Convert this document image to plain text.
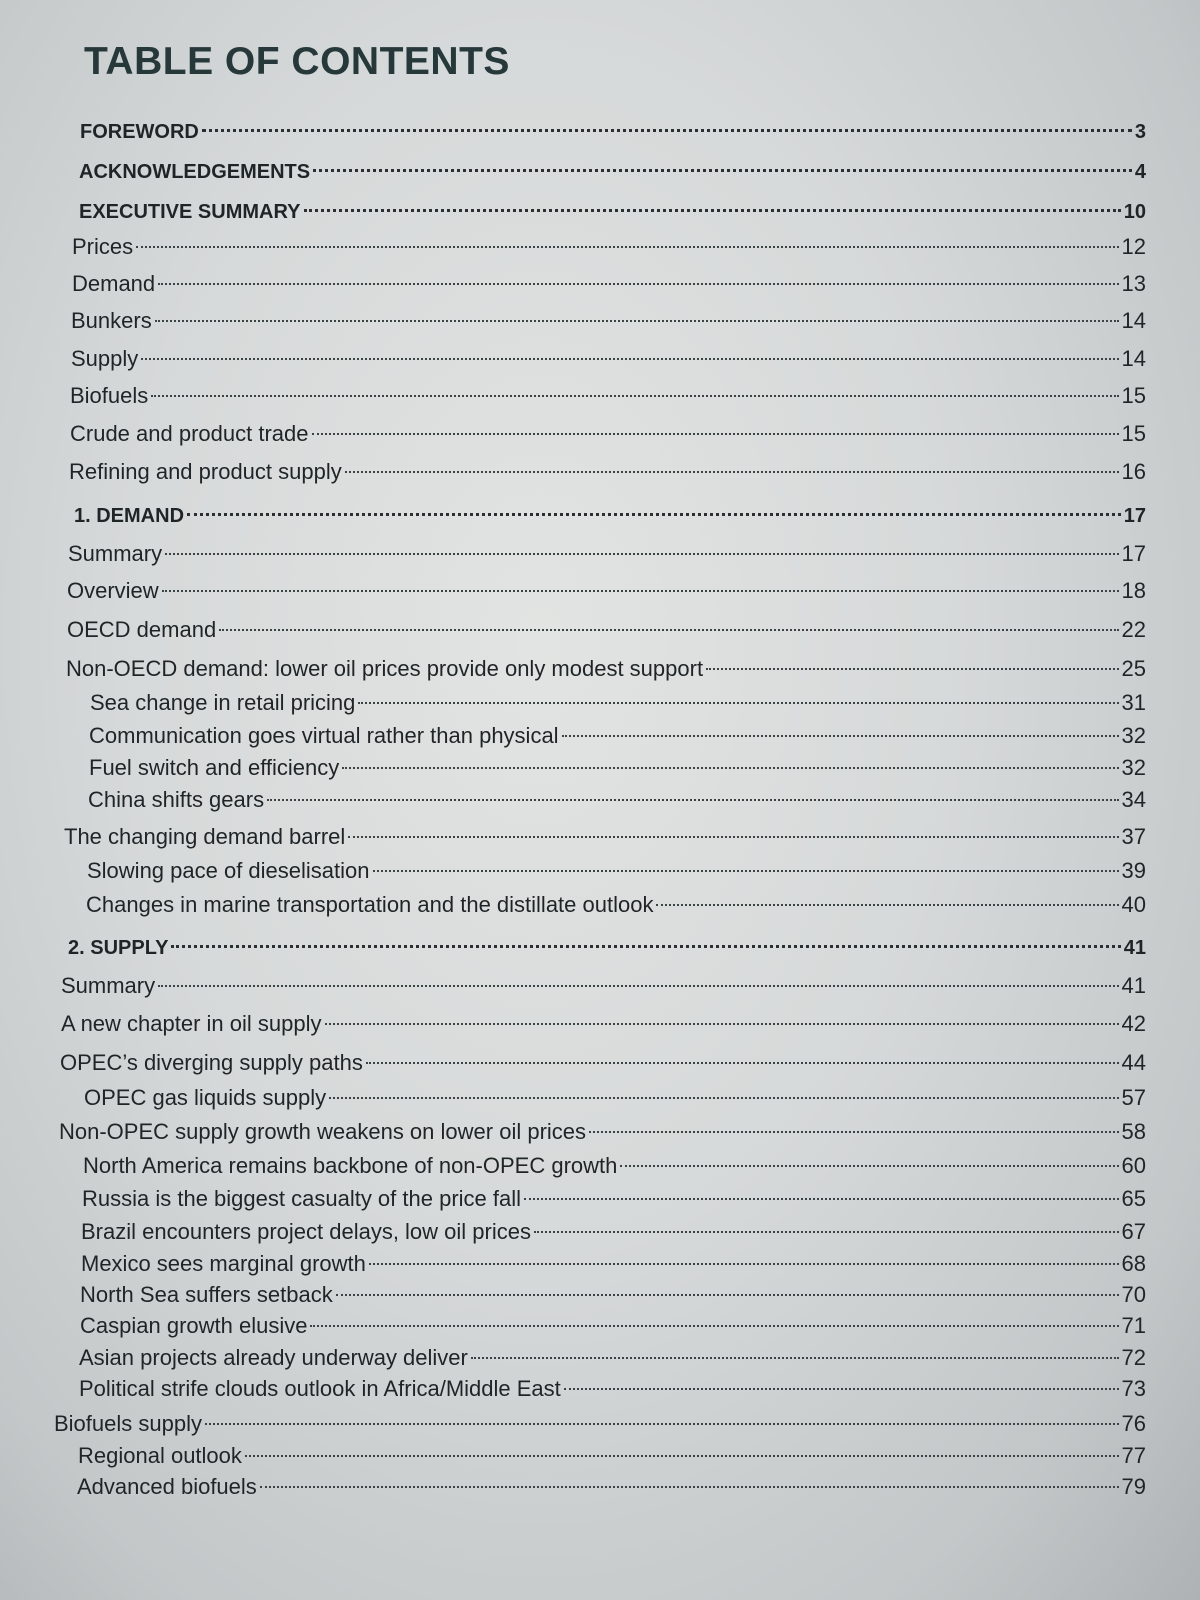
TABLE OF CONTENTS
FOREWORD	3
ACKNOWLEDGEMENTS	4
EXECUTIVE SUMMARY	10
Prices	12
Demand	13
Bunkers	14
Supply	14
Biofuels	15
Crude and product trade	15
Refining and product supply	16
1. DEMAND	17
Summary	17
Overview	18
OECD demand	22
Non-OECD demand: lower oil prices provide only modest support	25
Sea change in retail pricing	31
Communication goes virtual rather than physical	32
Fuel switch and efficiency	32
China shifts gears	34
The changing demand barrel	37
Slowing pace of dieselisation	39
Changes in marine transportation and the distillate outlook	40
2. SUPPLY	41
Summary	41
A new chapter in oil supply	42
OPEC’s diverging supply paths	44
OPEC gas liquids supply	57
Non-OPEC supply growth weakens on lower oil prices	58
North America remains backbone of non-OPEC growth	60
Russia is the biggest casualty of the price fall	65
Brazil encounters project delays, low oil prices	67
Mexico sees marginal growth	68
North Sea suffers setback	70
Caspian growth elusive	71
Asian projects already underway deliver	72
Political strife clouds outlook in Africa/Middle East	73
Biofuels supply	76
Regional outlook	77
Advanced biofuels	79
